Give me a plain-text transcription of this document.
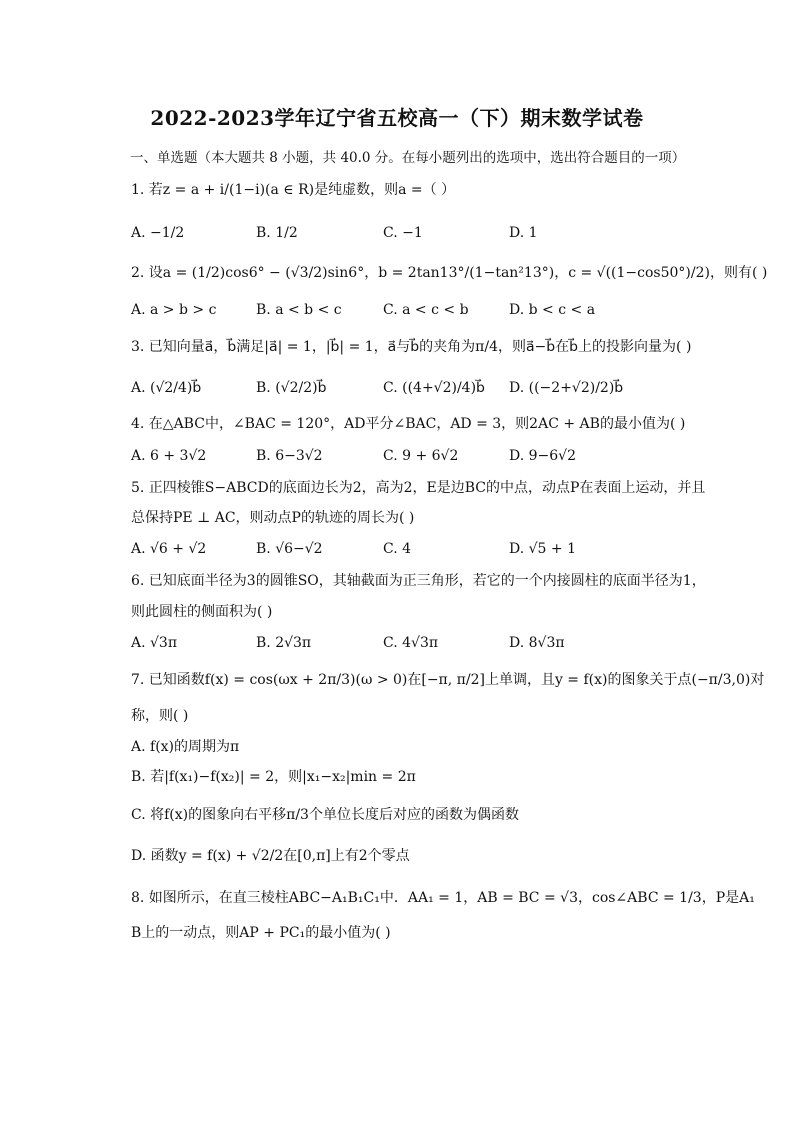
2022-2023学年辽宁省五校高一（下）期末数学试卷
一、单选题（本大题共 8 小题，共 40.0 分。在每小题列出的选项中，选出符合题目的一项）
1. 若z = a + i/(1−i)(a ∈ R)是纯虚数，则a =（ ）
A. −1/2	B. 1/2	C. −1	D. 1
2. 设a = (1/2)cos6° − (√3/2)sin6°，b = 2tan13°/(1−tan²13°)，c = √((1−cos50°)/2)，则有( )
A. a > b > c	B. a < b < c	C. a < c < b	D. b < c < a
3. 已知向量a⃗，b⃗满足|a⃗| = 1，|b⃗| = 1，a⃗与b⃗的夹角为π/4，则a⃗−b⃗在b⃗上的投影向量为( )
A. (√2/4)b⃗	B. (√2/2)b⃗	C. ((4+√2)/4)b⃗ D. ((−2+√2)/2)b⃗
4. 在△ABC中，∠BAC = 120°，AD平分∠BAC，AD = 3，则2AC + AB的最小值为( )
A. 6 + 3√2	B. 6−3√2	C. 9 + 6√2	D. 9−6√2
5. 正四棱锥S−ABCD的底面边长为2，高为2，E是边BC的中点，动点P在表面上运动，并且
总保持PE ⊥ AC，则动点P的轨迹的周长为( )
A. √6 + √2	B. √6−√2	C. 4	D. √5 + 1
6. 已知底面半径为3的圆锥SO，其轴截面为正三角形，若它的一个内接圆柱的底面半径为1，
则此圆柱的侧面积为( )
A. √3π	B. 2√3π	C. 4√3π	D. 8√3π
7. 已知函数f(x) = cos(ωx + 2π/3)(ω > 0)在[−π, π/2]上单调，且y = f(x)的图象关于点(−π/3,0)对
称，则( )
A. f(x)的周期为π
B. 若|f(x₁)−f(x₂)| = 2，则|x₁−x₂|min = 2π
C. 将f(x)的图象向右平移π/3个单位长度后对应的函数为偶函数
D. 函数y = f(x) + √2/2在[0,π]上有2个零点
8. 如图所示，在直三棱柱ABC−A₁B₁C₁中．AA₁ = 1，AB = BC = √3，cos∠ABC = 1/3，P是A₁
B上的一动点，则AP + PC₁的最小值为( )
